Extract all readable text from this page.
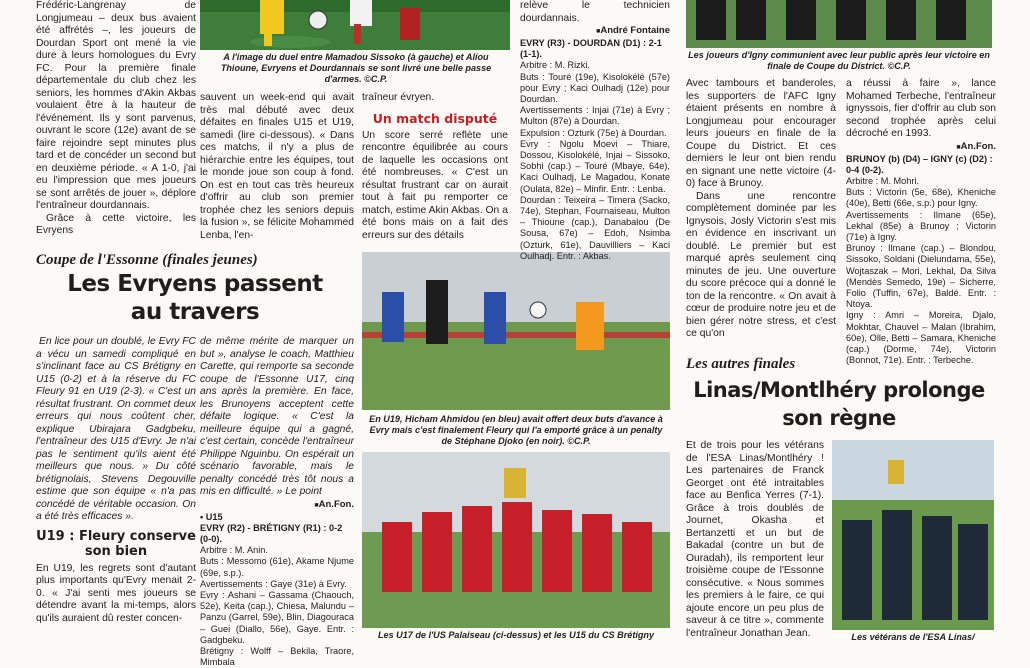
Frédéric-Langrenay de Longjumeau – deux bus avaient été affrétés –, les joueurs de Dourdan Sport ont mené la vie dure à leurs homologues du Evry FC. Pour la première finale départementale du club chez les seniors, les hommes d'Akin Akbas voulaient être à la hauteur de l'événement. Ils y sont parvenus, ouvrant le score (12e) avant de se faire rejoindre sept minutes plus tard et de concéder un second but en deuxième période. « A 1-0, j'ai eu l'impression que mes joueurs se sont arrêtés de jouer », déplore l'entraîneur dourdannais.

Grâce à cette victoire, les Evryens

Coupe de l'Essonne (finales jeunes)
Les Evryens passent
au travers

En lice pour un doublé, le Evry FC a vécu un samedi compliqué en s'inclinant face au CS Brétigny en U15 (0-2) et à la réserve du FC Fleury 91 en U19 (2-3). « C'est un résultat frustrant. On commet deux erreurs qui nous coûtent cher, explique Ubirajara Gadgbeku, l'entraîneur des U15 d'Evry. Je n'ai pas le sentiment qu'ils aient été meilleurs que nous. » Du côté brétignolais, Stevens Degouville estime que son équipe « n'a pas concédé de véritable occasion. On a été très efficaces ».

U19 : Fleury conserve
son bien

En U19, les regrets sont d'autant plus importants qu'Evry menait 2-0. « J'ai senti mes joueurs se détendre avant la mi-temps, alors qu'ils auraient dû rester concen-

A l'image du duel entre Mamadou Sissoko (à gauche) et Aliou Thioune, Evryens et Dourdannais se sont livré une belle passe d'armes. ©C.P.

sauvent un week-end qui avait très mal débuté avec deux défaites en finales U15 et U19, samedi (lire ci-dessous). « Dans ces matchs, il n'y a plus de hiérarchie entre les équipes, tout le monde joue son coup à fond. On est en tout cas très heureux d'offrir au club son premier trophée chez les seniors depuis la fusion », se félicite Mohammed Lenba, l'en-

de même mérite de marquer un but », analyse le coach, Matthieu Carette, qui remporte sa seconde coupe de l'Essonne U17, cinq ans après la première. En face, les Brunoyens acceptent cette défaite logique. « C'est la meilleure équipe qui a gagné, c'est certain, concède l'entraîneur Philippe Nguinbu. On espérait un scénario favorable, mais le penalty concédé très tôt nous a mis en difficulté. » Le point

■ An.Fon.
• U15
EVRY (R2) - BRÉTIGNY (R1) : 0-2 (0-0).
Arbitre : M. Anin.

Buts : Messomo (61e), Akame Njume (69e, s.p.).

Avertissements : Gaye (31e) à Evry.

Evry : Ashani – Gassama (Chaouch, 52e), Keita (cap.), Chiesa, Malundu – Panzu (Garrel, 59e), Blin, Diagouraca – Guei (Diallo, 56e), Gaye. Entr. : Gadgbeku.

Brétigny : Wolff – Bekila, Traore, Mimbala

traîneur évryen.

Un match disputé

Un score serré reflète une rencontre équilibrée au cours de laquelle les occasions ont été nombreuses. « C'est un résultat frustrant car on aurait tout à fait pu remporter ce match, estime Akin Akbas. On a été bons mais on a fait des erreurs sur des détails

En U19, Hicham Ahmidou (en bleu) avait offert deux buts d'avance à Evry mais c'est finalement Fleury qui l'a emporté grâce à un penalty de Stéphane Djoko (en noir). ©C.P.
Les U17 de l'US Palaiseau (ci-dessus) et les U15 du CS Brétigny

relève le technicien dourdannais.

■ André Fontaine
EVRY (R3) - DOURDAN (D1) : 2-1 (1-1).
Arbitre : M. Rizki.

Buts : Touré (19e), Kisolokélé (57e) pour Evry ; Kaci Oulhadj (12e) pour Dourdan.

Avertissements : Injai (71e) à Evry ; Multon (87e) à Dourdan.

Expulsion : Ozturk (75e) à Dourdan.

Evry : Ngolu Moevi – Thiare, Dossou, Kisolokélé, Injai – Sissoko, Sobhi (cap.) – Touré (Mbaye, 64e), Kaci Oulhadj, Le Magadou, Konate (Oulata, 82e) – Minfir. Entr. : Lenba.

Dourdan : Teixeira – Timera (Sacko, 74e), Stephan, Fournaiseau, Multon – Thioune (cap.), Danabalou (De Sousa, 67e) – Edoh, Nsimba (Ozturk, 61e), Dauvilliers – Kaci Oulhadj. Entr. : Akbas.

Les joueurs d'Igny communient avec leur public après leur victoire en finale de Coupe du District. ©C.P.

Avec tambours et banderoles, les supporters de l'AFC Igny étaient présents en nombre à Longjumeau pour encourager leurs joueurs en finale de la Coupe du District. Et ces derniers le leur ont bien rendu en signant une nette victoire (4-0) face à Brunoy.

Dans une rencontre complètement dominée par les Ignysois, Josly Victorin s'est mis en évidence en inscrivant un doublé. Le premier but est marqué après seulement cinq minutes de jeu. Une ouverture du score précoce qui a donné le ton de la rencontre. « On avait à cœur de produire notre jeu et de bien gérer notre stress, et c'est ce qu'on

a réussi à faire », lance Mohamed Terbeche, l'entraîneur ignyssois, fier d'offrir au club son second trophée après celui décroché en 1993.

■ An.Fon.
BRUNOY (b) (D4) – IGNY (c) (D2) : 0-4 (0-2).
Arbitre : M. Mohri.

Buts : Victorin (5e, 68e), Kheniche (40e), Betti (66e, s.p.) pour Igny.

Avertissements : Ilmane (65e), Lekhal (85e) à Brunoy ; Victorin (71e) à Igny.

Brunoy : Ilmane (cap.) – Blondou, Sissoko, Soldani (Dielundama, 55e), Wojtaszak – Mori, Lekhal, Da Silva (Mendès Semedo, 19e) – Sicherre, Folio (Tuffin, 67e), Baldé. Entr. : Ntoya.

Igny : Amri – Moreira, Djalo, Mokhtar, Chauvel – Malan (Ibrahim, 60e), Olle, Betti – Samara, Kheniche (cap.) (Dorme, 74e), Victorin (Bonnot, 71e). Entr. : Terbeche.

Les autres finales
Linas/Montlhéry prolonge
son règne

Et de trois pour les vétérans de l'ESA Linas/Montlhéry ! Les partenaires de Franck Georget ont été intraitables face au Benfica Yerres (7-1). Grâce à trois doublés de Journet, Okasha et Bertanzetti et un but de Bakadal (contre un but de Ouradah), ils remportent leur troisième coupe de l'Essonne consécutive. « Nous sommes les premiers à le faire, ce qui ajoute encore un peu plus de saveur à ce titre », commente l'entraîneur Jonathan Jean.	Les vétérans de l'ESA Linas/
